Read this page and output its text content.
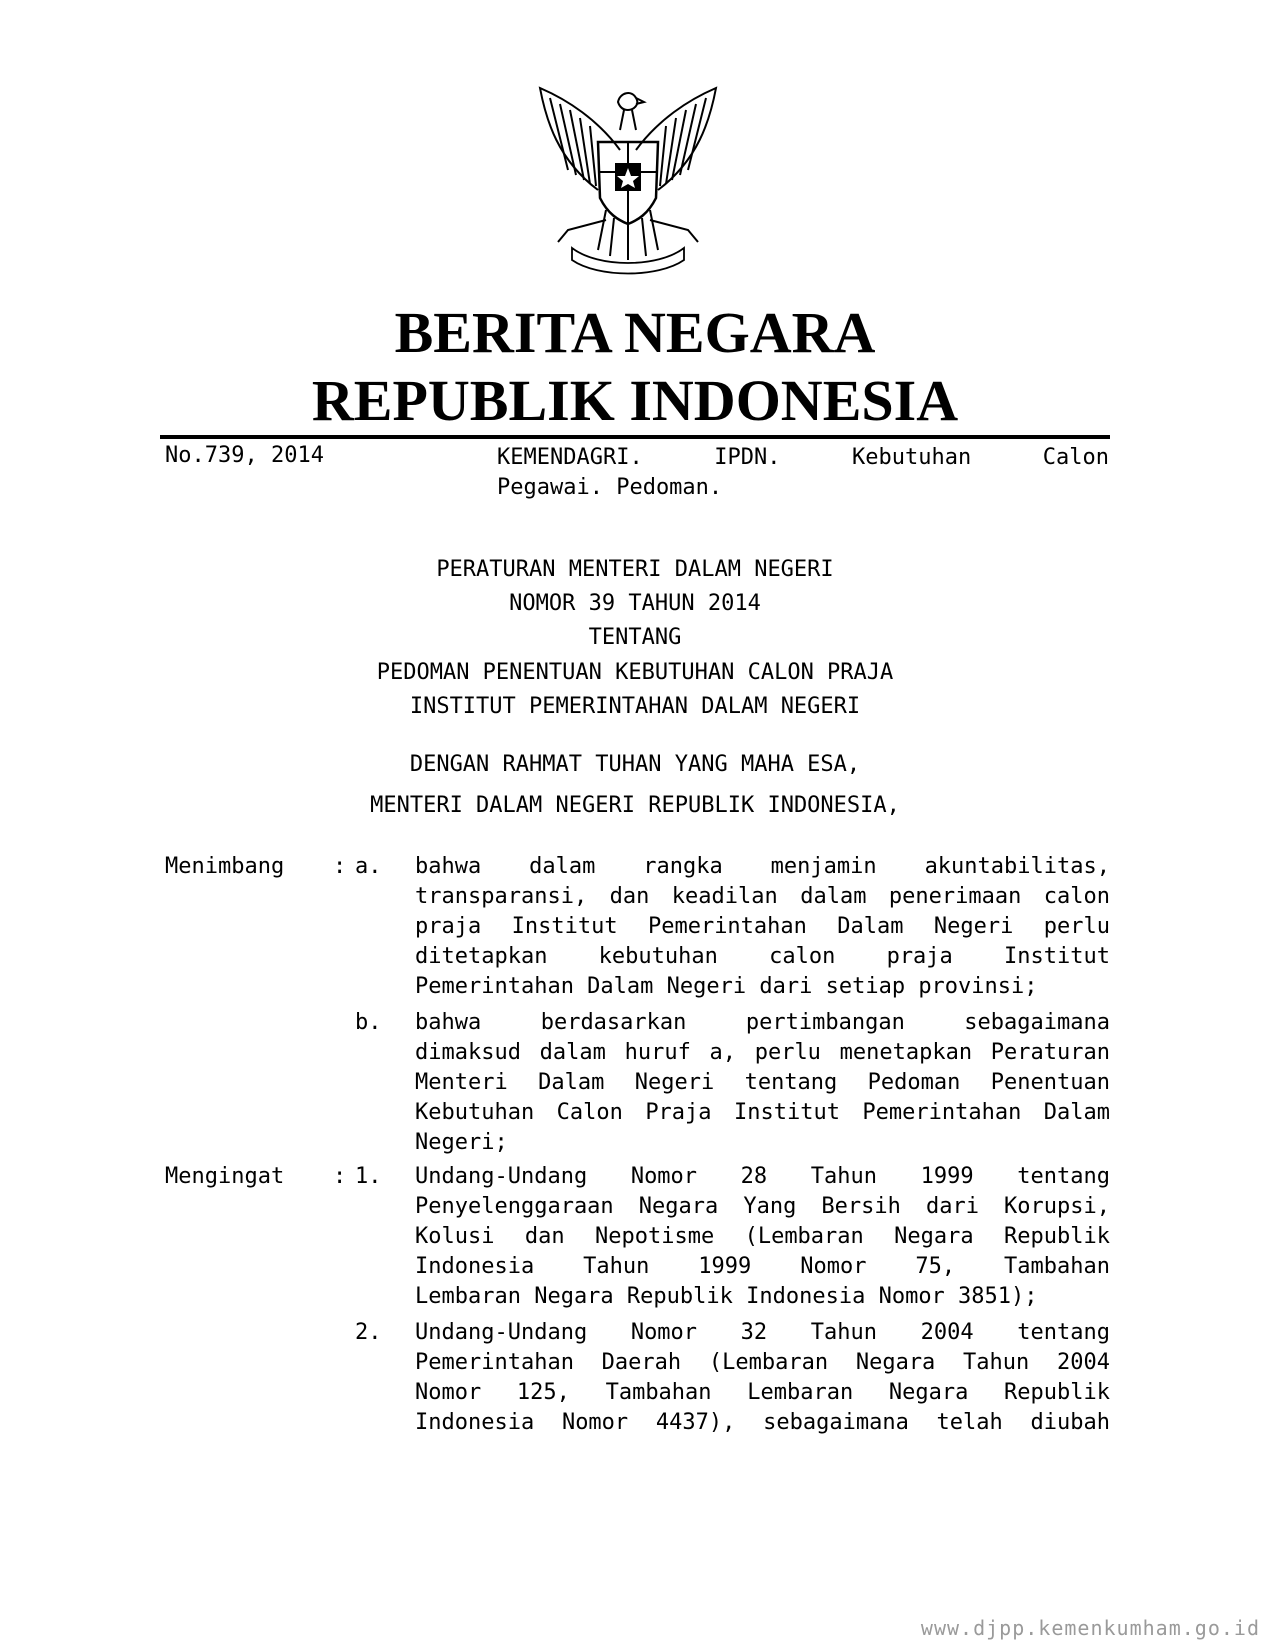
BERITA NEGARA
REPUBLIK INDONESIA
No.739, 2014	KEMENDAGRI.	IPDN.	Kebutuhan	Calon
Pegawai. Pedoman.
PERATURAN MENTERI DALAM NEGERI
NOMOR 39 TAHUN 2014
TENTANG
PEDOMAN PENENTUAN KEBUTUHAN CALON PRAJA
INSTITUT PEMERINTAHAN DALAM NEGERI
DENGAN RAHMAT TUHAN YANG MAHA ESA,
MENTERI DALAM NEGERI REPUBLIK INDONESIA,
Menimbang : a.	bahwa dalam rangka menjamin akuntabilitas,
transparansi, dan keadilan dalam penerimaan calon
praja Institut Pemerintahan Dalam Negeri perlu
ditetapkan kebutuhan calon praja Institut
Pemerintahan Dalam Negeri dari setiap provinsi;
b.	bahwa berdasarkan pertimbangan sebagaimana
dimaksud dalam huruf a, perlu menetapkan Peraturan
Menteri Dalam Negeri tentang Pedoman Penentuan
Kebutuhan Calon Praja Institut Pemerintahan Dalam
Negeri;
Mengingat : 1.	Undang-Undang Nomor 28 Tahun 1999 tentang
Penyelenggaraan Negara Yang Bersih dari Korupsi,
Kolusi dan Nepotisme (Lembaran Negara Republik
Indonesia Tahun 1999 Nomor 75, Tambahan
Lembaran Negara Republik Indonesia Nomor 3851);
2.	Undang-Undang Nomor 32 Tahun 2004 tentang
Pemerintahan Daerah (Lembaran Negara Tahun 2004
Nomor 125, Tambahan Lembaran Negara Republik
Indonesia Nomor 4437), sebagaimana telah diubah
www.djpp.kemenkumham.go.id
